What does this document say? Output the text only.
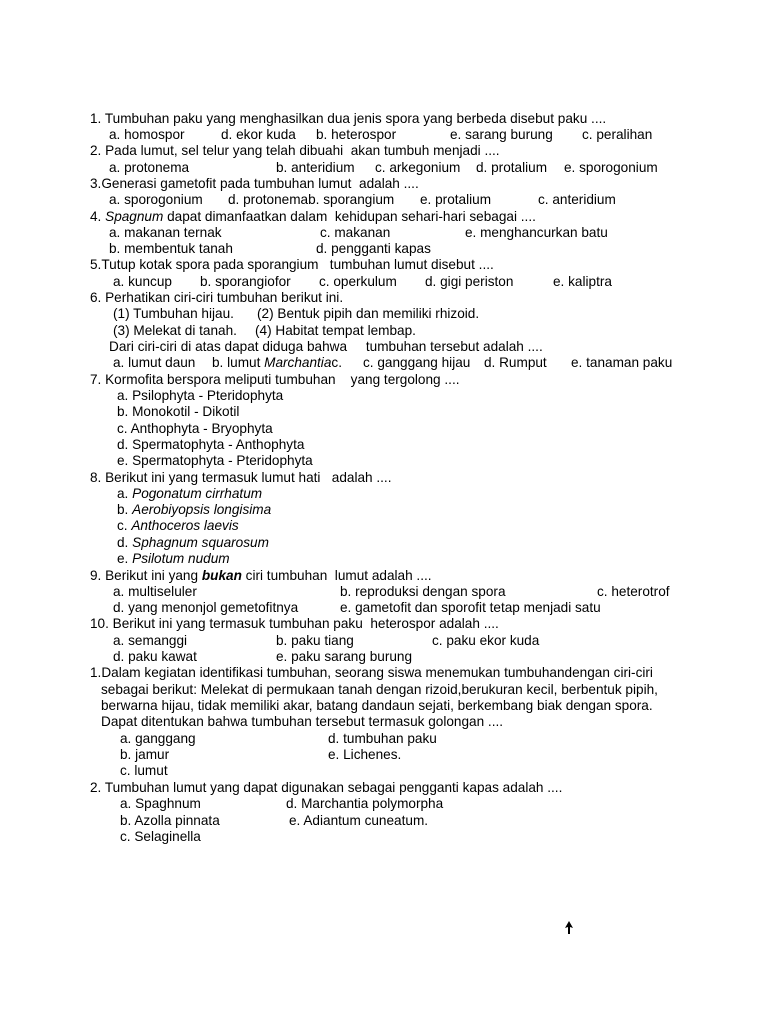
1. Tumbuhan paku yang menghasilkan dua jenis spora yang berbeda disebut paku ....
a. homospor	d. ekor kuda b. heterospor	e. sarang burung c. peralihan
2. Pada lumut, sel telur yang telah dibuahi  akan tumbuh menjadi ....
a. protonema	b. anteridium c. arkegonium d. protalium e. sporogonium
3.Generasi gametofit pada tumbuhan lumut  adalah ....
a. sporogonium d. protonemab. sporangium e. protalium	c. anteridium
4. Spagnum dapat dimanfaatkan dalam  kehidupan sehari-hari sebagai ....
a. makanan ternak	c. makanan	e. menghancurkan batu
b. membentuk tanah	d. pengganti kapas
5.Tutup kotak spora pada sporangium   tumbuhan lumut disebut ....
a. kuncup b. sporangiofor c. operkulum d. gigi periston	e. kaliptra
6. Perhatikan ciri-ciri tumbuhan berikut ini.
(1) Tumbuhan hijau. (2) Bentuk pipih dan memiliki rhizoid.
(3) Melekat di tanah. (4) Habitat tempat lembap.
Dari ciri-ciri di atas dapat diduga bahwa     tumbuhan tersebut adalah ....
a. lumut daun b. lumut Marchantiac. c. ganggang hijau d. Rumput e. tanaman paku
7. Kormofita berspora meliputi tumbuhan    yang tergolong ....
a. Psilophyta - Pteridophyta
b. Monokotil - Dikotil
c. Anthophyta - Bryophyta
d. Spermatophyta - Anthophyta
e. Spermatophyta - Pteridophyta
8. Berikut ini yang termasuk lumut hati   adalah ....
a. Pogonatum cirrhatum
b. Aerobiyopsis longisima
c. Anthoceros laevis
d. Sphagnum squarosum
e. Psilotum nudum
9. Berikut ini yang bukan ciri tumbuhan  lumut adalah ....
a. multiseluler	b. reproduksi dengan spora	c. heterotrof
d. yang menonjol gemetofitnya	e. gametofit dan sporofit tetap menjadi satu
10. Berikut ini yang termasuk tumbuhan paku  heterospor adalah ....
a. semanggi	b. paku tiang	c. paku ekor kuda
d. paku kawat	e. paku sarang burung
1.Dalam kegiatan identifikasi tumbuhan, seorang siswa menemukan tumbuhandengan ciri-ciri
sebagai berikut: Melekat di permukaan tanah dengan rizoid,berukuran kecil, berbentuk pipih,
berwarna hijau, tidak memiliki akar, batang dandaun sejati, berkembang biak dengan spora.
Dapat ditentukan bahwa tumbuhan tersebut termasuk golongan ....
a. ganggang	d. tumbuhan paku
b. jamur	e. Lichenes.
c. lumut
2. Tumbuhan lumut yang dapat digunakan sebagai pengganti kapas adalah ....
a. Spaghnum	d. Marchantia polymorpha
b. Azolla pinnata	e. Adiantum cuneatum.
c. Selaginella
